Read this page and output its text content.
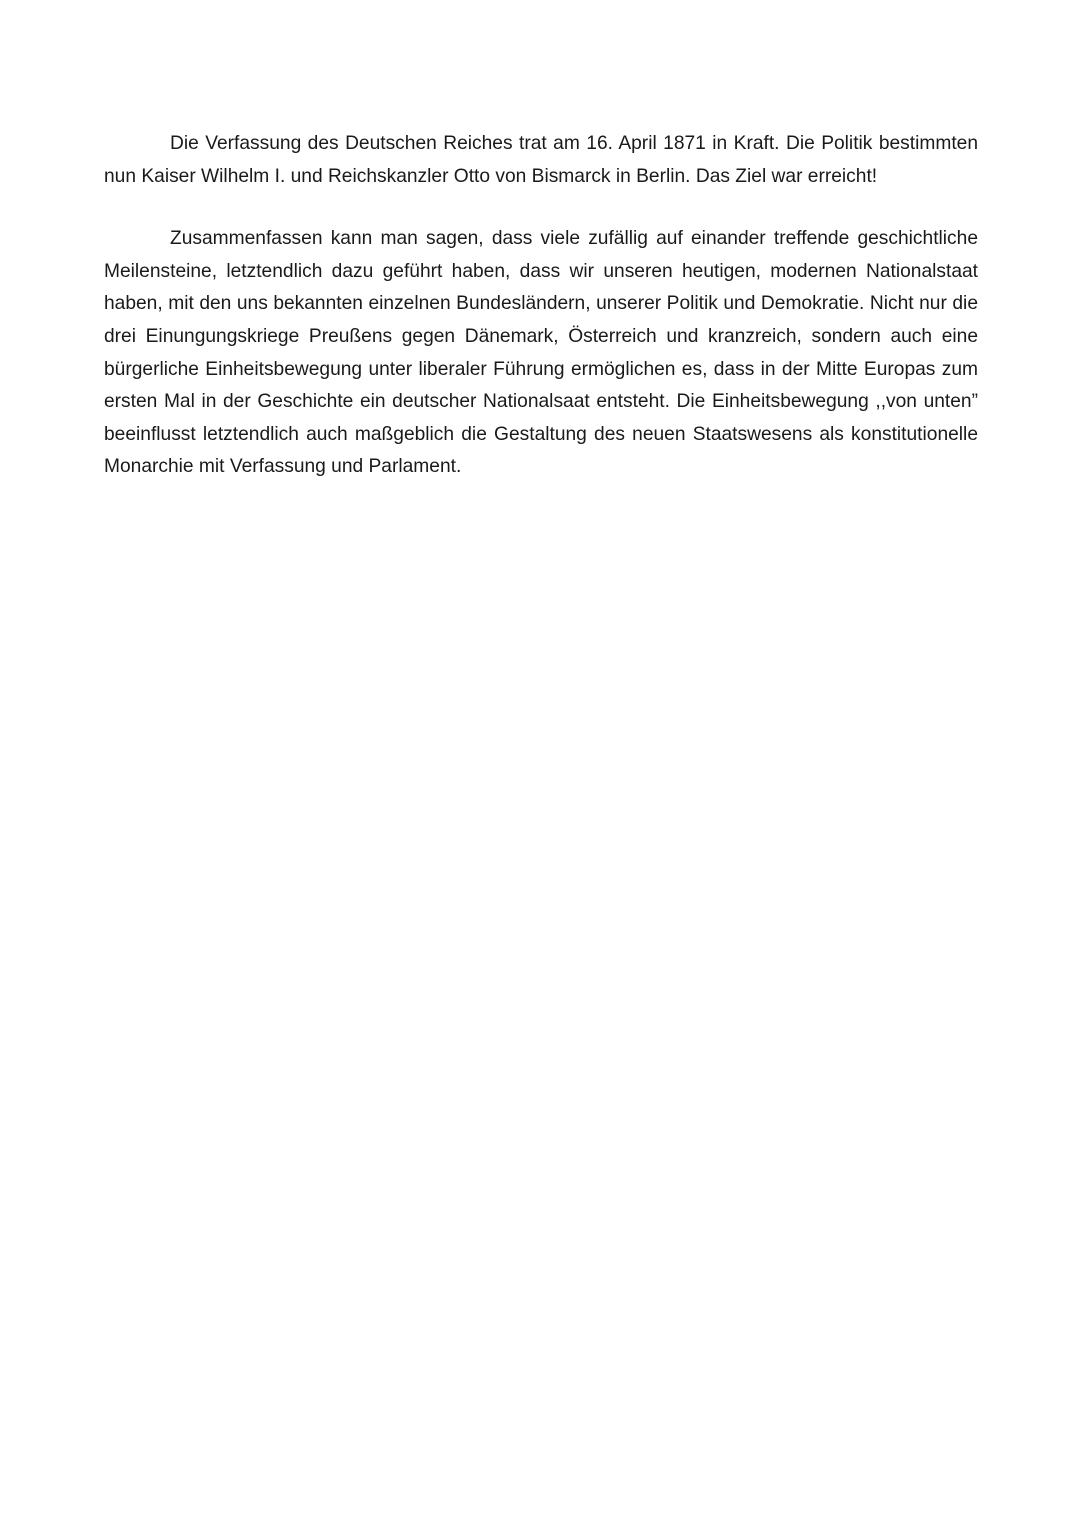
Die Verfassung des Deutschen Reiches trat am 16. April 1871 in Kraft. Die Politik bestimmten nun Kaiser Wilhelm I. und Reichskanzler Otto von Bismarck in Berlin. Das Ziel war erreicht!

Zusammenfassen kann man sagen, dass viele zufällig auf einander treffende geschichtliche Meilensteine, letztendlich dazu geführt haben, dass wir unseren heutigen, modernen Nationalstaat haben, mit den uns bekannten einzelnen Bundesländern, unserer Politik und Demokratie. Nicht nur die drei Einungungskriege Preußens gegen Dänemark, Österreich und kranzreich, sondern auch eine bürgerliche Einheitsbewegung unter liberaler Führung ermöglichen es, dass in der Mitte Europas zum ersten Mal in der Geschichte ein deutscher Nationalsaat entsteht. Die Einheitsbewegung ,,von unten” beeinflusst letztendlich auch maßgeblich die Gestaltung des neuen Staatswesens als konstitutionelle Monarchie mit Verfassung und Parlament.
